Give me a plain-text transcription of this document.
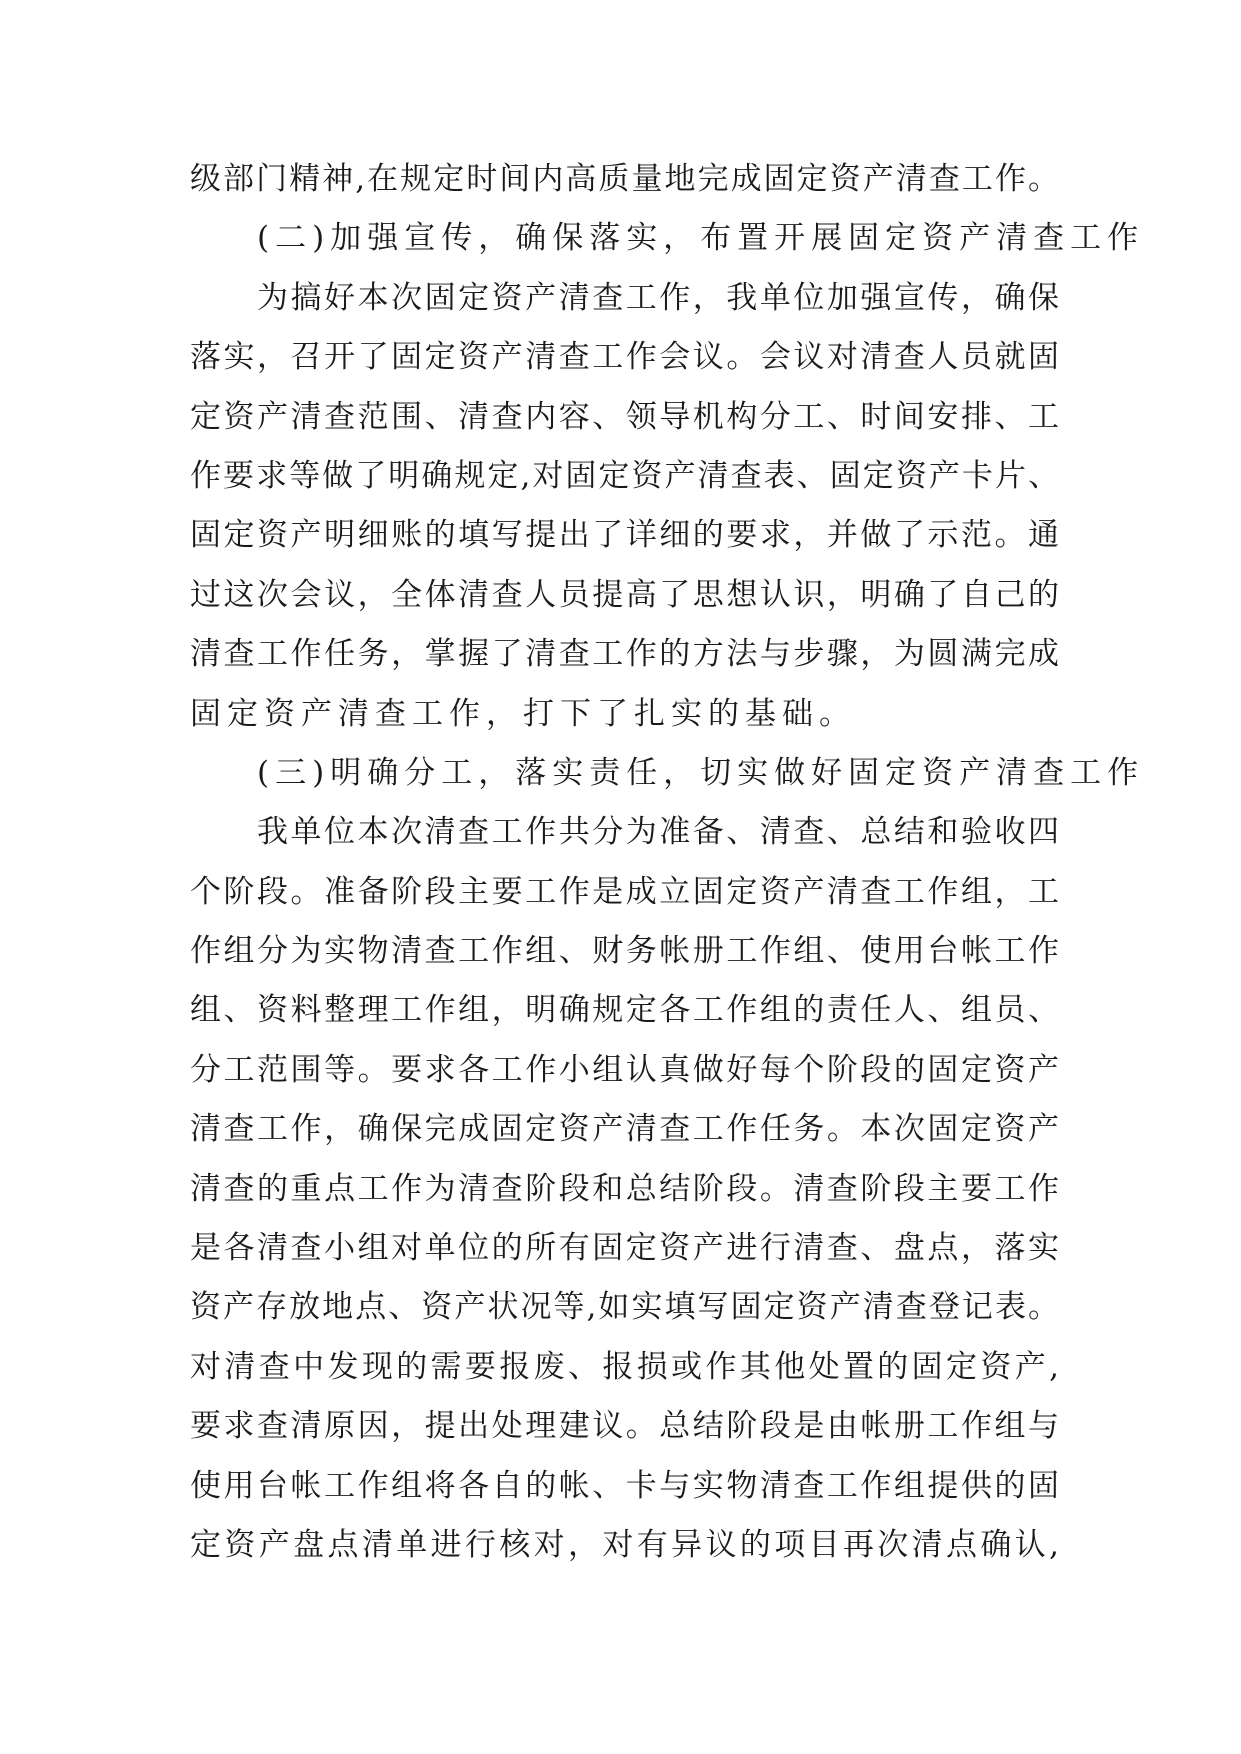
级部门精神,在规定时间内高质量地完成固定资产清查工作。
(二)加强宣传，确保落实，布置开展固定资产清查工作
为搞好本次固定资产清查工作，我单位加强宣传，确保
落实，召开了固定资产清查工作会议。会议对清查人员就固
定资产清查范围、清查内容、领导机构分工、时间安排、工
作要求等做了明确规定,对固定资产清查表、固定资产卡片、
固定资产明细账的填写提出了详细的要求，并做了示范。通
过这次会议，全体清查人员提高了思想认识，明确了自己的
清查工作任务，掌握了清查工作的方法与步骤，为圆满完成
固定资产清查工作，打下了扎实的基础。
(三)明确分工，落实责任，切实做好固定资产清查工作
我单位本次清查工作共分为准备、清查、总结和验收四
个阶段。准备阶段主要工作是成立固定资产清查工作组，工
作组分为实物清查工作组、财务帐册工作组、使用台帐工作
组、资料整理工作组，明确规定各工作组的责任人、组员、
分工范围等。要求各工作小组认真做好每个阶段的固定资产
清查工作，确保完成固定资产清查工作任务。本次固定资产
清查的重点工作为清查阶段和总结阶段。清查阶段主要工作
是各清查小组对单位的所有固定资产进行清查、盘点，落实
资产存放地点、资产状况等,如实填写固定资产清查登记表。
对清查中发现的需要报废、报损或作其他处置的固定资产,
要求查清原因，提出处理建议。总结阶段是由帐册工作组与
使用台帐工作组将各自的帐、卡与实物清查工作组提供的固
定资产盘点清单进行核对，对有异议的项目再次清点确认,
